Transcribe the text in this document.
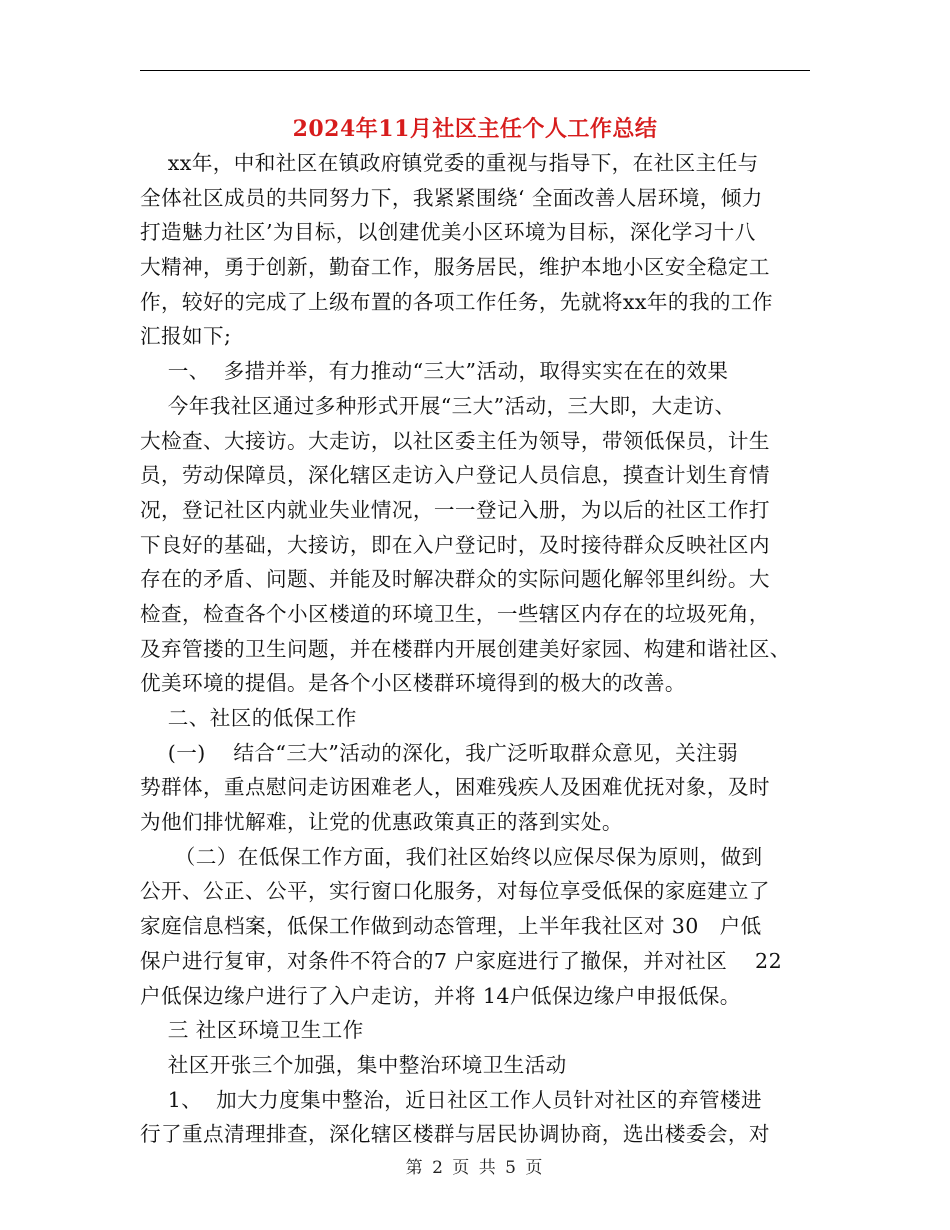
2024年11月社区主任个人工作总结
xx年，中和社区在镇政府镇党委的重视与指导下，在社区主任与
全体社区成员的共同努力下，我紧紧围绕‘ 全面改善人居环境，倾力
打造魅力社区’为目标，以创建优美小区环境为目标，深化学习十八
大精神，勇于创新，勤奋工作，服务居民，维护本地小区安全稳定工
作，较好的完成了上级布置的各项工作任务，先就将xx年的我的工作
汇报如下;
一、  多措并举，有力推动“三大”活动，取得实实在在的效果
今年我社区通过多种形式开展“三大”活动，三大即，大走访、
大检查、大接访。大走访，以社区委主任为领导，带领低保员，计生
员，劳动保障员，深化辖区走访入户登记人员信息，摸查计划生育情
况，登记社区内就业失业情况，一一登记入册，为以后的社区工作打
下良好的基础，大接访，即在入户登记时，及时接待群众反映社区内
存在的矛盾、问题、并能及时解决群众的实际问题化解邻里纠纷。大
检查，检查各个小区楼道的环境卫生，一些辖区内存在的垃圾死角，
及弃管搂的卫生问题，并在楼群内开展创建美好家园、构建和谐社区、
优美环境的提倡。是各个小区楼群环境得到的极大的改善。
二、社区的低保工作
(一)    结合“三大”活动的深化，我广泛听取群众意见，关注弱
势群体，重点慰问走访困难老人，困难残疾人及困难优抚对象，及时
为他们排忧解难，让党的优惠政策真正的落到实处。
（二）在低保工作方面，我们社区始终以应保尽保为原则，做到
公开、公正、公平，实行窗口化服务，对每位享受低保的家庭建立了
家庭信息档案，低保工作做到动态管理，上半年我社区对 30   户低
保户进行复审，对条件不符合的7 户家庭进行了撤保，并对社区    22
户低保边缘户进行了入户走访，并将 14户低保边缘户申报低保。
三 社区环境卫生工作
社区开张三个加强，集中整治环境卫生活动
1、  加大力度集中整治，近日社区工作人员针对社区的弃管楼进
行了重点清理排查，深化辖区楼群与居民协调协商，选出楼委会，对
第 2 页 共 5 页
